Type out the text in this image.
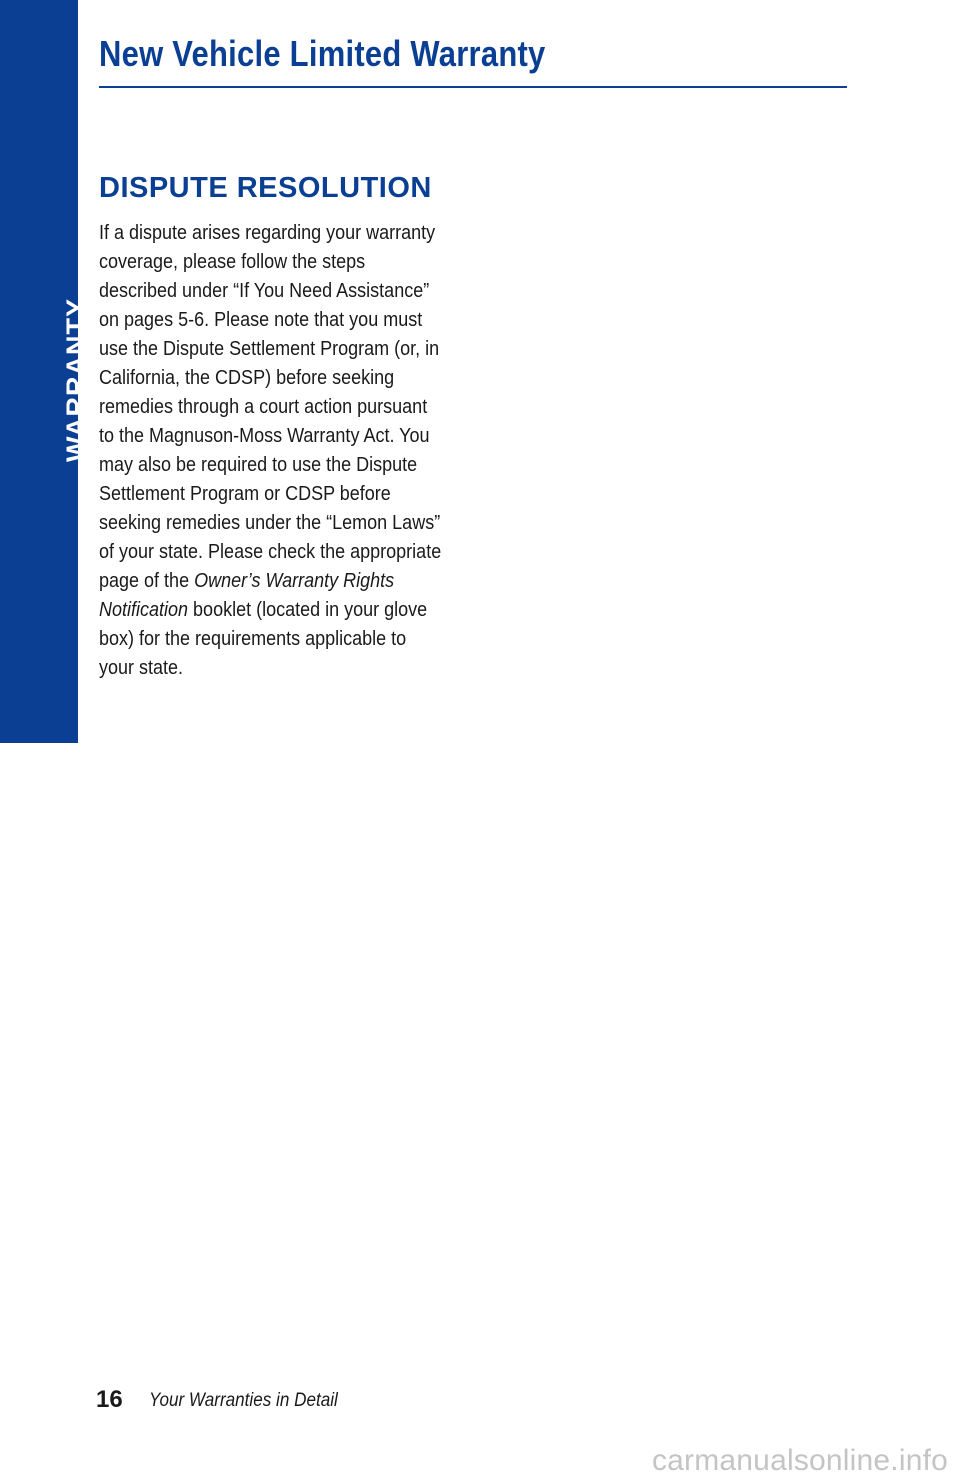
WARRANTY
New Vehicle Limited Warranty
DISPUTE RESOLUTION

If a dispute arises regarding your warranty
coverage, please follow the steps
described under “If You Need Assistance”
on pages 5-6. Please note that you must
use the Dispute Settlement Program (or, in
California, the CDSP) before seeking
remedies through a court action pursuant
to the Magnuson-Moss Warranty Act. You
may also be required to use the Dispute
Settlement Program or CDSP before
seeking remedies under the “Lemon Laws”
of your state. Please check the appropriate
page of the Owner’s Warranty Rights
Notification booklet (located in your glove
box) for the requirements applicable to
your state.

16 Your Warranties in Detail
carmanualsonline.info
